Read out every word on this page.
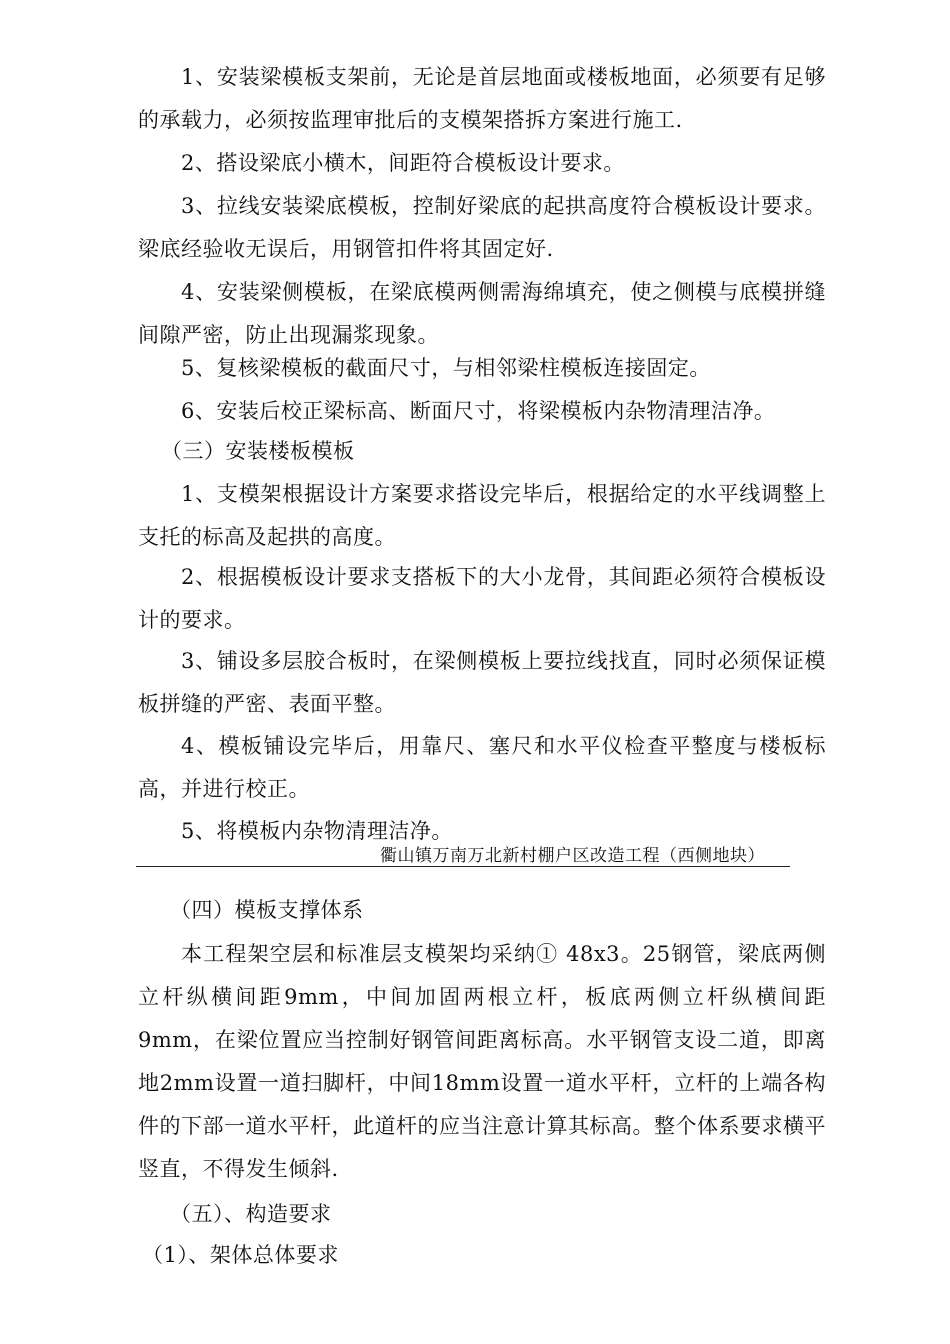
1、安装梁模板支架前，无论是首层地面或楼板地面，必须要有足够的承载力，必须按监理审批后的支模架搭拆方案进行施工.

2、搭设梁底小横木，间距符合模板设计要求。

3、拉线安装梁底模板，控制好梁底的起拱高度符合模板设计要求。梁底经验收无误后，用钢管扣件将其固定好.

4、安装梁侧模板，在梁底模两侧需海绵填充，使之侧模与底模拼缝间隙严密，防止出现漏浆现象。

5、复核梁模板的截面尺寸，与相邻梁柱模板连接固定。

6、安装后校正梁标高、断面尺寸，将梁模板内杂物清理洁净。

（三）安装楼板模板

1、支模架根据设计方案要求搭设完毕后，根据给定的水平线调整上支托的标高及起拱的高度。

2、根据模板设计要求支搭板下的大小龙骨，其间距必须符合模板设计的要求。

3、铺设多层胶合板时，在梁侧模板上要拉线找直，同时必须保证模板拼缝的严密、表面平整。

4、模板铺设完毕后，用靠尺、塞尺和水平仪检查平整度与楼板标高，并进行校正。

5、将模板内杂物清理洁净。

衢山镇万南万北新村棚户区改造工程（西侧地块）

（四）模板支撑体系

本工程架空层和标准层支模架均采纳① 48x3。25钢管，梁底两侧立杆纵横间距9mm，中间加固两根立杆，板底两侧立杆纵横间距9mm，在梁位置应当控制好钢管间距离标高。水平钢管支设二道，即离地2mm设置一道扫脚杆，中间18mm设置一道水平杆，立杆的上端各构件的下部一道水平杆，此道杆的应当注意计算其标高。整个体系要求横平竖直，不得发生倾斜.

（五）、构造要求

（1）、架体总体要求
